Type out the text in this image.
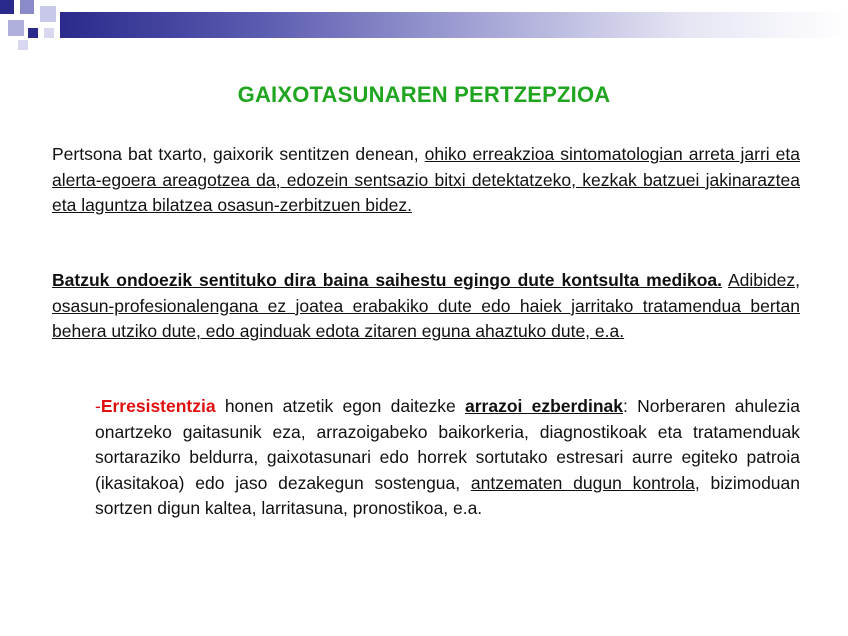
GAIXOTASUNAREN PERTZEPZIOA
Pertsona bat txarto, gaixorik sentitzen denean, ohiko erreakzioa sintomatologian arreta jarri eta alerta-egoera areagotzea da, edozein sentsazio bitxi detektatzeko, kezkak batzuei jakinaraztea eta laguntza bilatzea osasun-zerbitzuen bidez.
Batzuk ondoezik sentituko dira baina saihestu egingo dute kontsulta medikoa. Adibidez, osasun-profesionalengana ez joatea erabakiko dute edo haiek jarritako tratamendua bertan behera utziko dute, edo aginduak edota zitaren eguna ahaztuko dute, e.a.
-Erresistentzia honen atzetik egon daitezke arrazoi ezberdinak: Norberaren ahulezia onartzeko gaitasunik eza, arrazoigabeko baikorkeria, diagnostikoak eta tratamenduak sortaraziko beldurra, gaixotasunari edo horrek sortutako estresari aurre egiteko patroia (ikasitakoa) edo jaso dezakegun sostengua, antzematen dugun kontrola, bizimoduan sortzen digun kaltea, larritasuna, pronostikoa, e.a.
